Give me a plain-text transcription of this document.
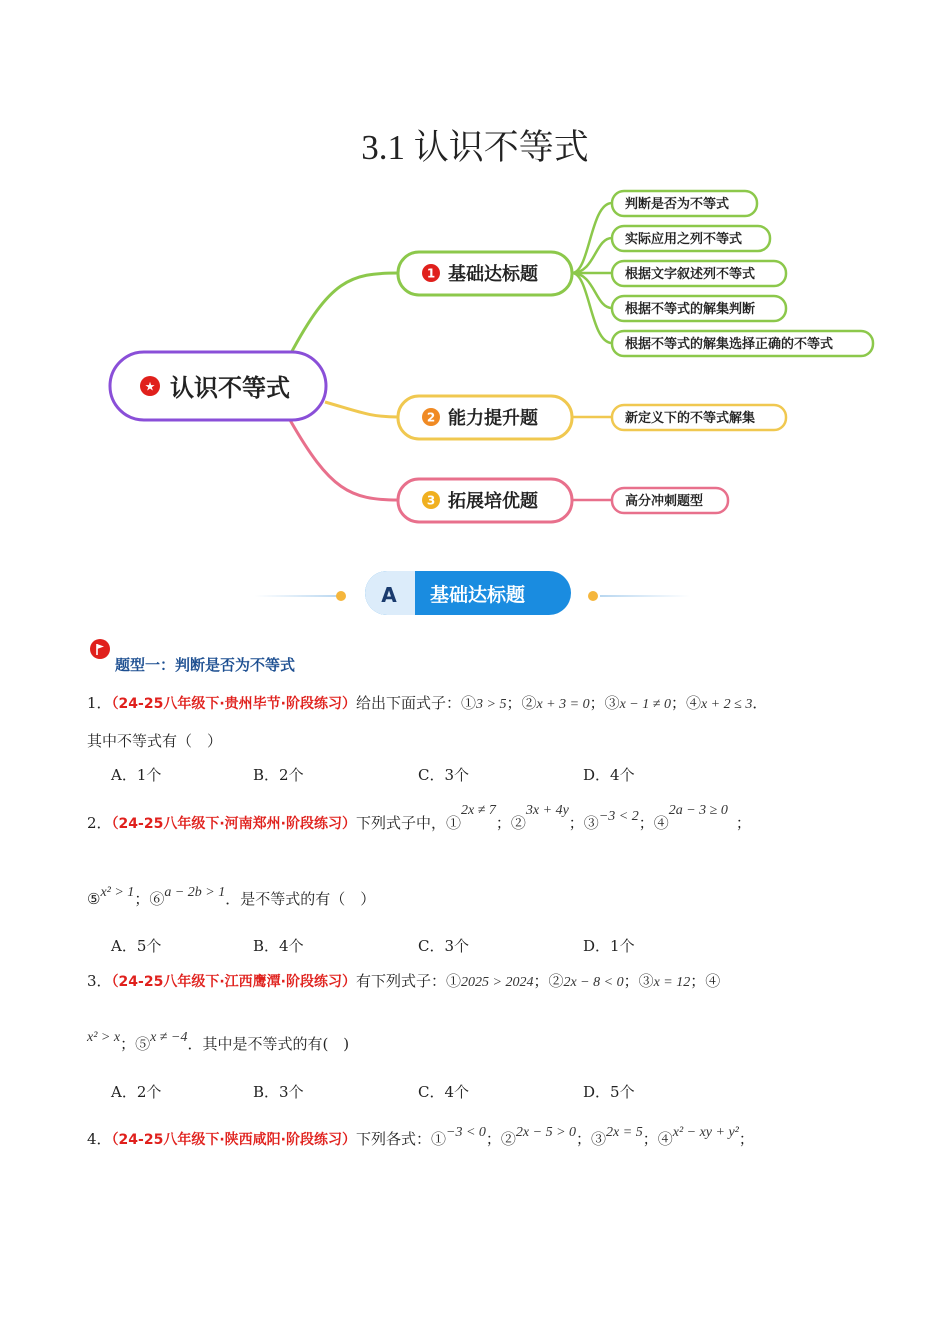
3.1 认识不等式
★ 认识不等式
1 基础达标题
2 能力提升题
3 拓展培优题
判断是否为不等式
实际应用之列不等式
根据文字叙述列不等式
根据不等式的解集判断
根据不等式的解集选择正确的不等式
新定义下的不等式解集
高分冲刺题型
A 基础达标题
题型一：判断是否为不等式
1．（24-25八年级下·贵州毕节·阶段练习）给出下面式子：①3 > 5；②x + 3 = 0；③x − 1 ≠ 0；④x + 2 ≤ 3．
其中不等式有（　）
A．1个	B．2个	C．3个	D．4个
2．（24-25八年级下·河南郑州·阶段练习）下列式子中，①2x ≠ 7；②3x + 4y；③−3 < 2；④2a − 3 ≥ 0；
⑤x² > 1；⑥a − 2b > 1．是不等式的有（　）
A．5个	B．4个	C．3个	D．1个
3．（24-25八年级下·江西鹰潭·阶段练习）有下列式子：①2025 > 2024；②2x − 8 < 0；③x = 12；④
x² > x；⑤x ≠ −4．其中是不等式的有(　)
A．2个	B．3个	C．4个	D．5个
4．（24-25八年级下·陕西咸阳·阶段练习）下列各式：①−3 < 0；②2x − 5 > 0；③2x = 5；④x² − xy + y²；
